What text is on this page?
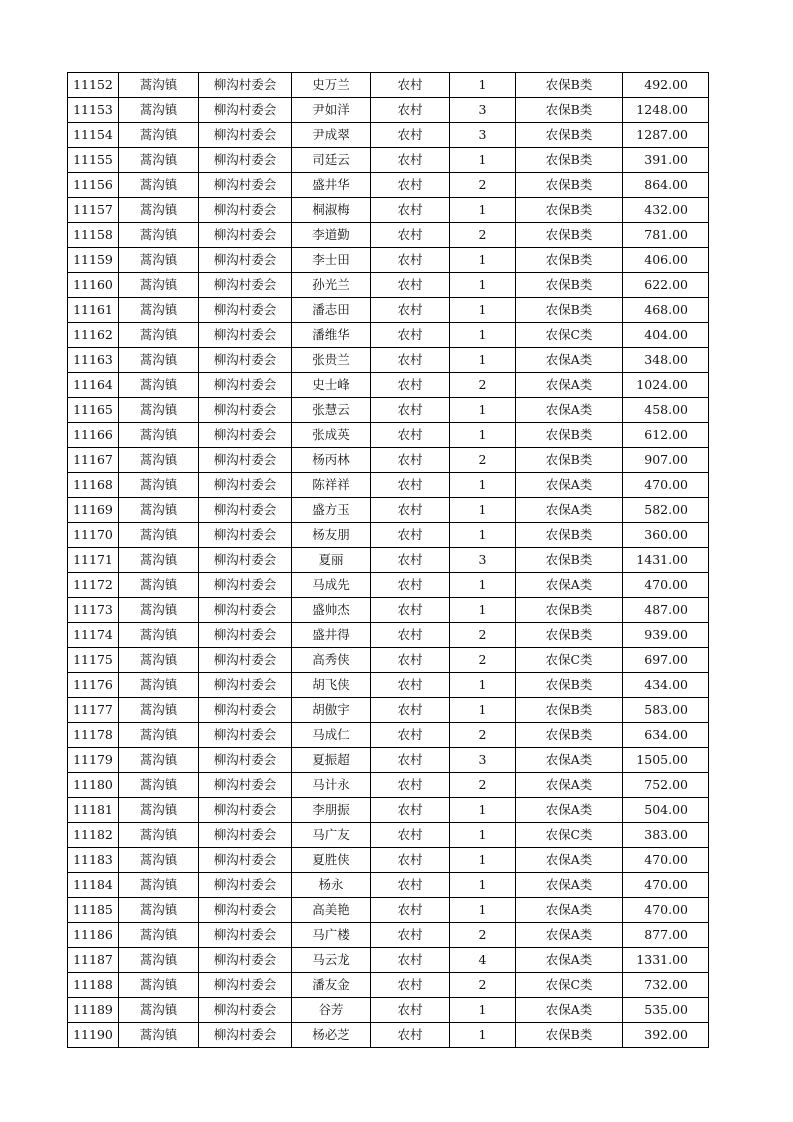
11152	蒿沟镇	柳沟村委会	史万兰	农村	1	农保B类	492.00
11153	蒿沟镇	柳沟村委会	尹如洋	农村	3	农保B类	1248.00
11154	蒿沟镇	柳沟村委会	尹成翠	农村	3	农保B类	1287.00
11155	蒿沟镇	柳沟村委会	司廷云	农村	1	农保B类	391.00
11156	蒿沟镇	柳沟村委会	盛井华	农村	2	农保B类	864.00
11157	蒿沟镇	柳沟村委会	桐淑梅	农村	1	农保B类	432.00
11158	蒿沟镇	柳沟村委会	李道勤	农村	2	农保B类	781.00
11159	蒿沟镇	柳沟村委会	李士田	农村	1	农保B类	406.00
11160	蒿沟镇	柳沟村委会	孙光兰	农村	1	农保B类	622.00
11161	蒿沟镇	柳沟村委会	潘志田	农村	1	农保B类	468.00
11162	蒿沟镇	柳沟村委会	潘维华	农村	1	农保C类	404.00
11163	蒿沟镇	柳沟村委会	张贵兰	农村	1	农保A类	348.00
11164	蒿沟镇	柳沟村委会	史士峰	农村	2	农保A类	1024.00
11165	蒿沟镇	柳沟村委会	张慧云	农村	1	农保A类	458.00
11166	蒿沟镇	柳沟村委会	张成英	农村	1	农保B类	612.00
11167	蒿沟镇	柳沟村委会	杨丙林	农村	2	农保B类	907.00
11168	蒿沟镇	柳沟村委会	陈祥祥	农村	1	农保A类	470.00
11169	蒿沟镇	柳沟村委会	盛方玉	农村	1	农保A类	582.00
11170	蒿沟镇	柳沟村委会	杨友朋	农村	1	农保B类	360.00
11171	蒿沟镇	柳沟村委会	夏丽	农村	3	农保B类	1431.00
11172	蒿沟镇	柳沟村委会	马成先	农村	1	农保A类	470.00
11173	蒿沟镇	柳沟村委会	盛帅杰	农村	1	农保B类	487.00
11174	蒿沟镇	柳沟村委会	盛井得	农村	2	农保B类	939.00
11175	蒿沟镇	柳沟村委会	高秀侠	农村	2	农保C类	697.00
11176	蒿沟镇	柳沟村委会	胡飞侠	农村	1	农保B类	434.00
11177	蒿沟镇	柳沟村委会	胡傲宇	农村	1	农保B类	583.00
11178	蒿沟镇	柳沟村委会	马成仁	农村	2	农保B类	634.00
11179	蒿沟镇	柳沟村委会	夏振超	农村	3	农保A类	1505.00
11180	蒿沟镇	柳沟村委会	马计永	农村	2	农保A类	752.00
11181	蒿沟镇	柳沟村委会	李朋振	农村	1	农保A类	504.00
11182	蒿沟镇	柳沟村委会	马广友	农村	1	农保C类	383.00
11183	蒿沟镇	柳沟村委会	夏胜侠	农村	1	农保A类	470.00
11184	蒿沟镇	柳沟村委会	杨永	农村	1	农保A类	470.00
11185	蒿沟镇	柳沟村委会	高美艳	农村	1	农保A类	470.00
11186	蒿沟镇	柳沟村委会	马广楼	农村	2	农保A类	877.00
11187	蒿沟镇	柳沟村委会	马云龙	农村	4	农保A类	1331.00
11188	蒿沟镇	柳沟村委会	潘友金	农村	2	农保C类	732.00
11189	蒿沟镇	柳沟村委会	谷芳	农村	1	农保A类	535.00
11190	蒿沟镇	柳沟村委会	杨必芝	农村	1	农保B类	392.00
